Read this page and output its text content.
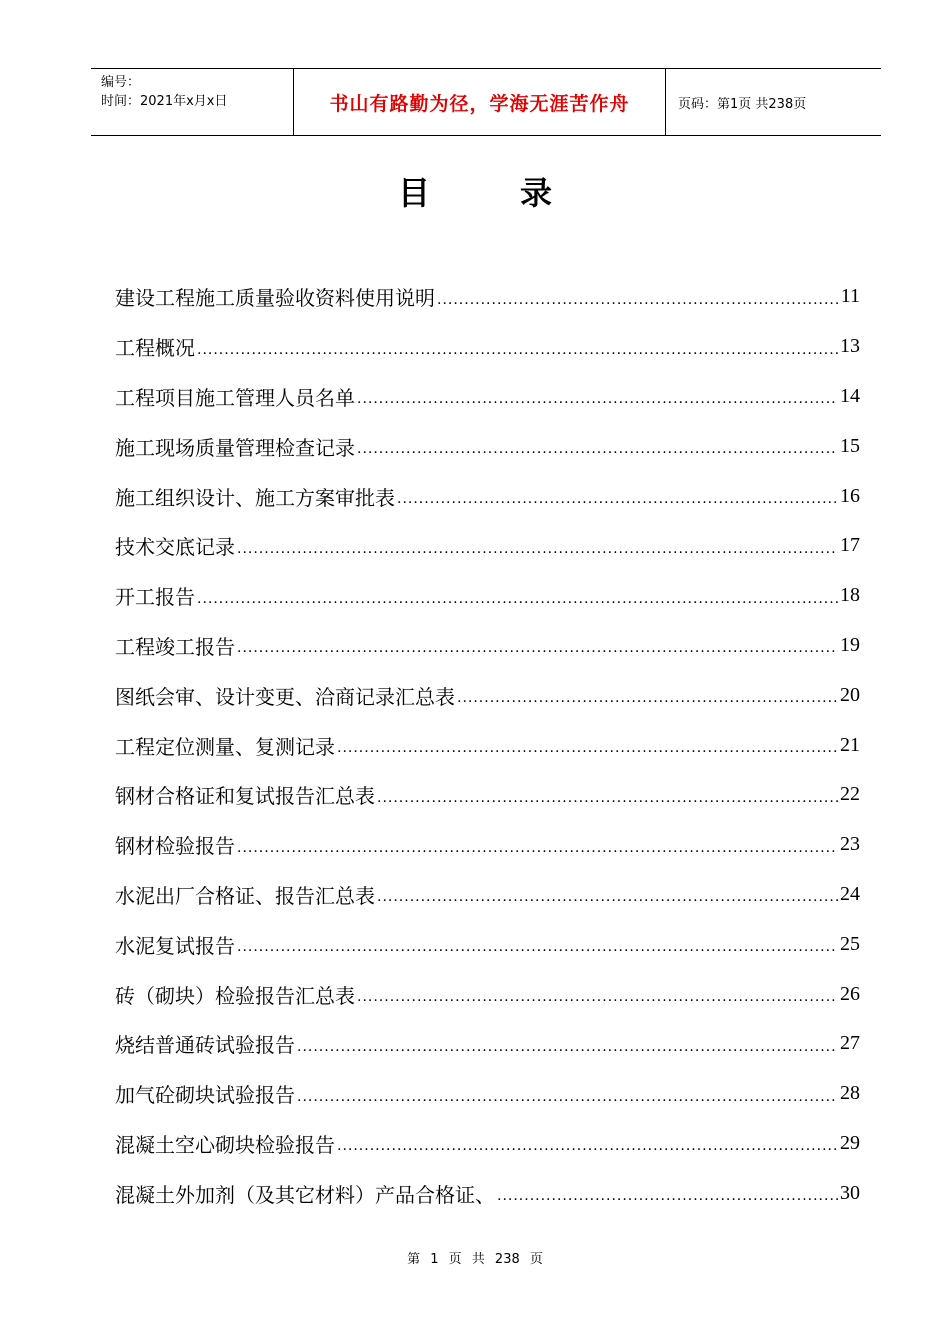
编号：
时间：2021年x月x日	书山有路勤为径，学海无涯苦作舟	页码：第1页 共238页
目录
建设工程施工质量验收资料使用说明 .....	11
工程概况 .....	13
工程项目施工管理人员名单 .....	14
施工现场质量管理检查记录 .....	15
施工组织设计、施工方案审批表 .....	16
技术交底记录 .....	17
开工报告 .....	18
工程竣工报告 .....	19
图纸会审、设计变更、洽商记录汇总表 .....	20
工程定位测量、复测记录 .....	21
钢材合格证和复试报告汇总表 .....	22
钢材检验报告 .....	23
水泥出厂合格证、报告汇总表 .....	24
水泥复试报告 .....	25
砖（砌块）检验报告汇总表 .....	26
烧结普通砖试验报告 .....	27
加气砼砌块试验报告 .....	28
混凝土空心砌块检验报告 .....	29
混凝土外加剂（及其它材料）产品合格证、 .....	30
第 1 页 共 238 页
